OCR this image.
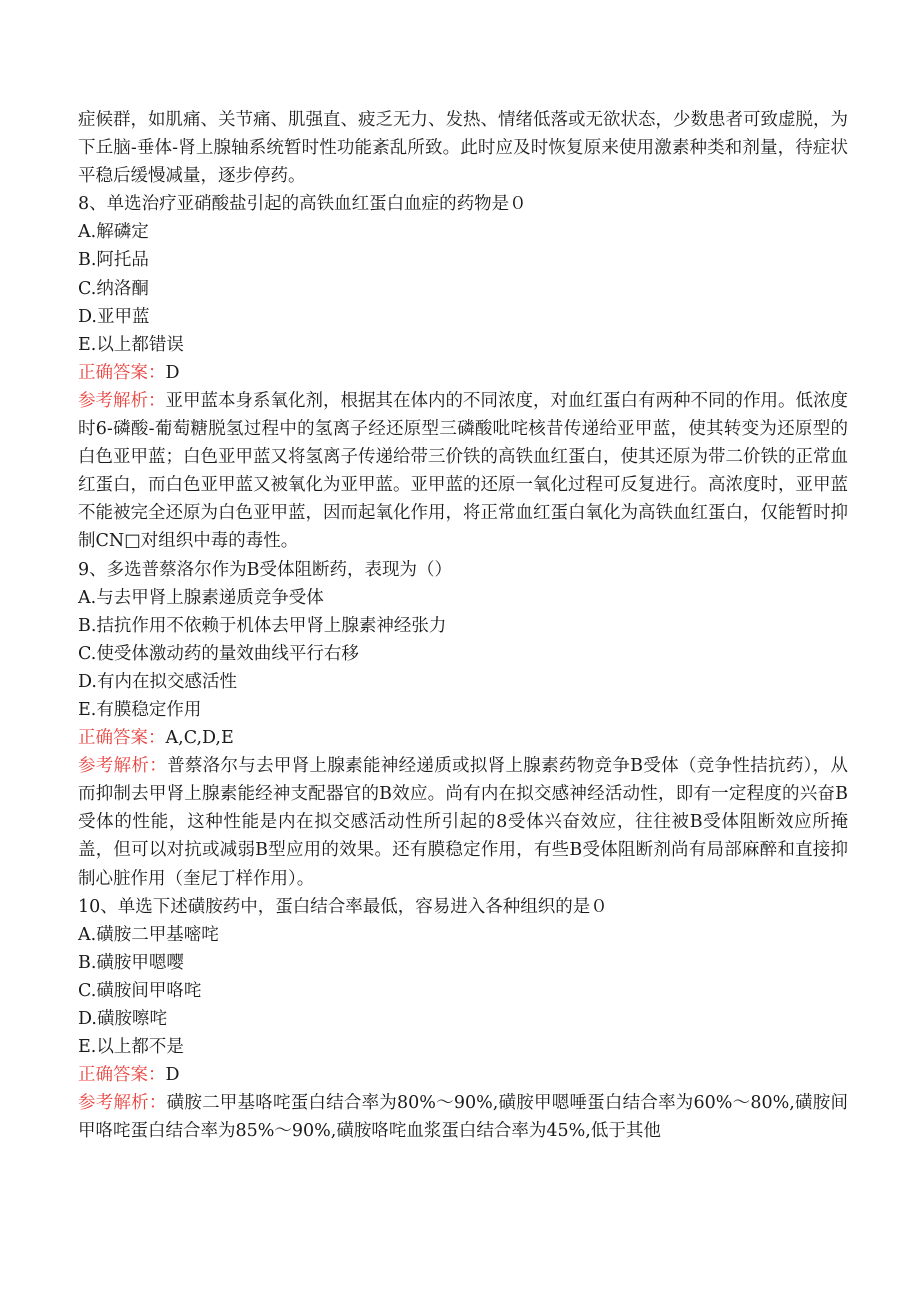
症候群，如肌痛、关节痛、肌强直、疲乏无力、发热、情绪低落或无欲状态，少数患者可致虚脱，为下丘脑-垂体-肾上腺轴系统暂时性功能紊乱所致。此时应及时恢复原来使用激素种类和剂量，待症状平稳后缓慢减量，逐步停药。

8、单选治疗亚硝酸盐引起的高铁血红蛋白血症的药物是０

A.解磷定

B.阿托品

C.纳洛酮

D.亚甲蓝

E.以上都错误

正确答案：D

参考解析：亚甲蓝本身系氧化剂，根据其在体内的不同浓度，对血红蛋白有两种不同的作用。低浓度时6-磷酸-葡萄糖脱氢过程中的氢离子经还原型三磷酸吡咤核昔传递给亚甲蓝，使其转变为还原型的白色亚甲蓝；白色亚甲蓝又将氢离子传递给带三价铁的高铁血红蛋白，使其还原为带二价铁的正常血红蛋白，而白色亚甲蓝又被氧化为亚甲蓝。亚甲蓝的还原一氧化过程可反复进行。高浓度时，亚甲蓝不能被完全还原为白色亚甲蓝，因而起氧化作用，将正常血红蛋白氧化为高铁血红蛋白，仅能暂时抑制CN□对组织中毒的毒性。

9、多选普蔡洛尔作为Β受体阻断药，表现为（）

A.与去甲肾上腺素递质竞争受体

B.拮抗作用不依赖于机体去甲肾上腺素神经张力

C.使受体激动药的量效曲线平行右移

D.有内在拟交感活性

E.有膜稳定作用

正确答案：A,C,D,E

参考解析：普蔡洛尔与去甲肾上腺素能神经递质或拟肾上腺素药物竞争Β受体（竞争性拮抗药），从而抑制去甲肾上腺素能经神支配器官的Β效应。尚有内在拟交感神经活动性，即有一定程度的兴奋Β受体的性能，这种性能是内在拟交感活动性所引起的8受体兴奋效应，往往被Β受体阻断效应所掩盖，但可以对抗或减弱Β型应用的效果。还有膜稳定作用，有些Β受体阻断剂尚有局部麻醉和直接抑制心脏作用（奎尼丁样作用）。

10、单选下述磺胺药中，蛋白结合率最低，容易进入各种组织的是０

A.磺胺二甲基嘧咤

B.磺胺甲嗯嘤

C.磺胺间甲咯咤

D.磺胺嚓咤

E.以上都不是

正确答案：D

参考解析：磺胺二甲基咯咤蛋白结合率为80%～90%,磺胺甲嗯唾蛋白结合率为60%～80%,磺胺间甲咯咤蛋白结合率为85%～90%,磺胺咯咤血浆蛋白结合率为45%,低于其他
